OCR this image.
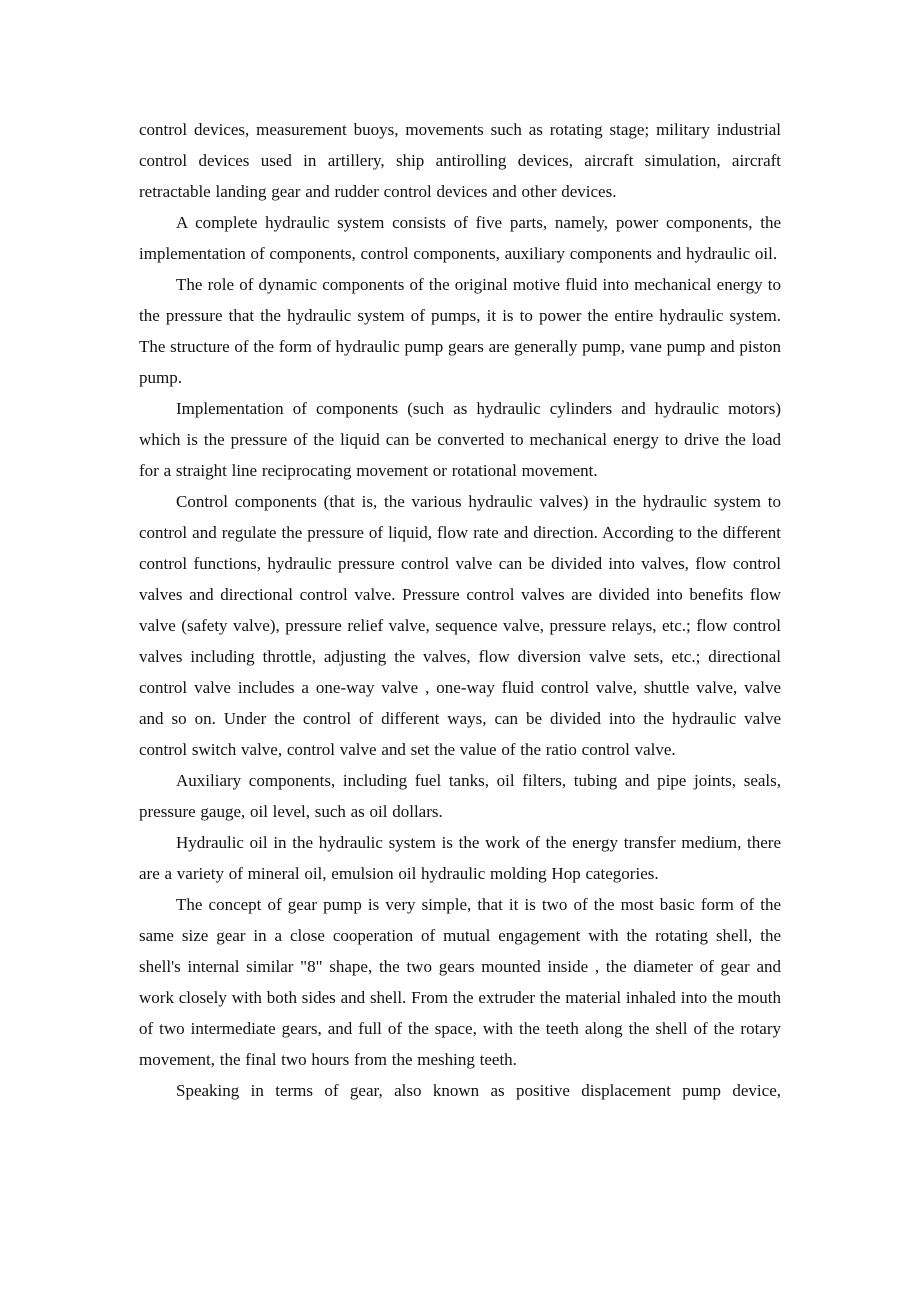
control devices, measurement buoys, movements such as rotating stage; military industrial control devices used in artillery, ship antirolling devices, aircraft simulation, aircraft retractable landing gear and rudder control devices and other devices.

A complete hydraulic system consists of five parts, namely, power components, the implementation of components, control components, auxiliary components and hydraulic oil.

The role of dynamic components of the original motive fluid into mechanical energy to the pressure that the hydraulic system of pumps, it is to power the entire hydraulic system. The structure of the form of hydraulic pump gears are generally pump, vane pump and piston pump.

Implementation of components (such as hydraulic cylinders and hydraulic motors) which is the pressure of the liquid can be converted to mechanical energy to drive the load for a straight line reciprocating movement or rotational movement.

Control components (that is, the various hydraulic valves) in the hydraulic system to control and regulate the pressure of liquid, flow rate and direction. According to the different control functions, hydraulic pressure control valve can be divided into valves, flow control valves and directional control valve. Pressure control valves are divided into benefits flow valve (safety valve), pressure relief valve, sequence valve, pressure relays, etc.; flow control valves including throttle, adjusting the valves, flow diversion valve sets, etc.; directional control valve includes a one-way valve , one-way fluid control valve, shuttle valve, valve and so on. Under the control of different ways, can be divided into the hydraulic valve control switch valve, control valve and set the value of the ratio control valve.

Auxiliary components, including fuel tanks, oil filters, tubing and pipe joints, seals, pressure gauge, oil level, such as oil dollars.

Hydraulic oil in the hydraulic system is the work of the energy transfer medium, there are a variety of mineral oil, emulsion oil hydraulic molding Hop categories.

The concept of gear pump is very simple, that it is two of the most basic form of the same size gear in a close cooperation of mutual engagement with the rotating shell, the shell's internal similar "8" shape, the two gears mounted inside , the diameter of gear and work closely with both sides and shell. From the extruder the material inhaled into the mouth of two intermediate gears, and full of the space, with the teeth along the shell of the rotary movement, the final two hours from the meshing teeth.

Speaking in terms of gear, also known as positive displacement pump device,
